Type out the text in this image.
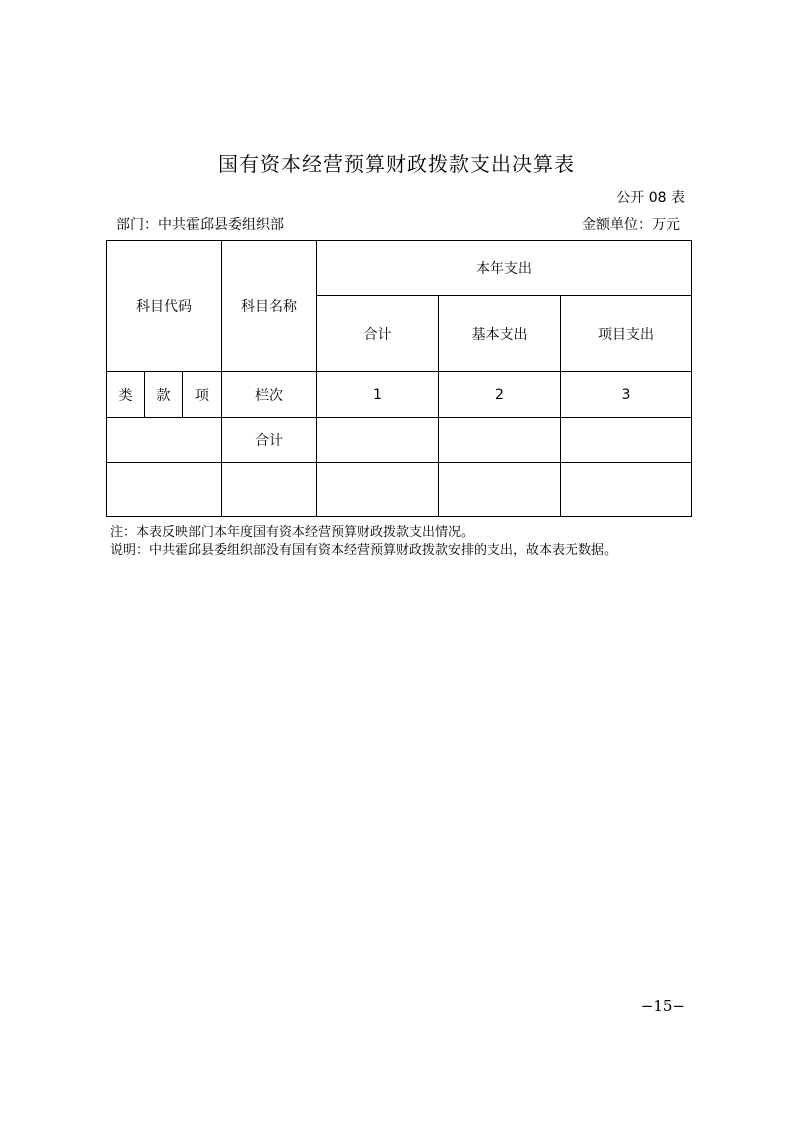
国有资本经营预算财政拨款支出决算表
公开 08 表
部门：中共霍邱县委组织部	金额单位：万元
科目代码			科目名称	本年支出		
				合计	基本支出	项目支出
类	款	项	栏次	1	2	3
			合计			

注：本表反映部门本年度国有资本经营预算财政拨款支出情况。
说明：中共霍邱县委组织部没有国有资本经营预算财政拨款安排的支出，故本表无数据。
−15−
